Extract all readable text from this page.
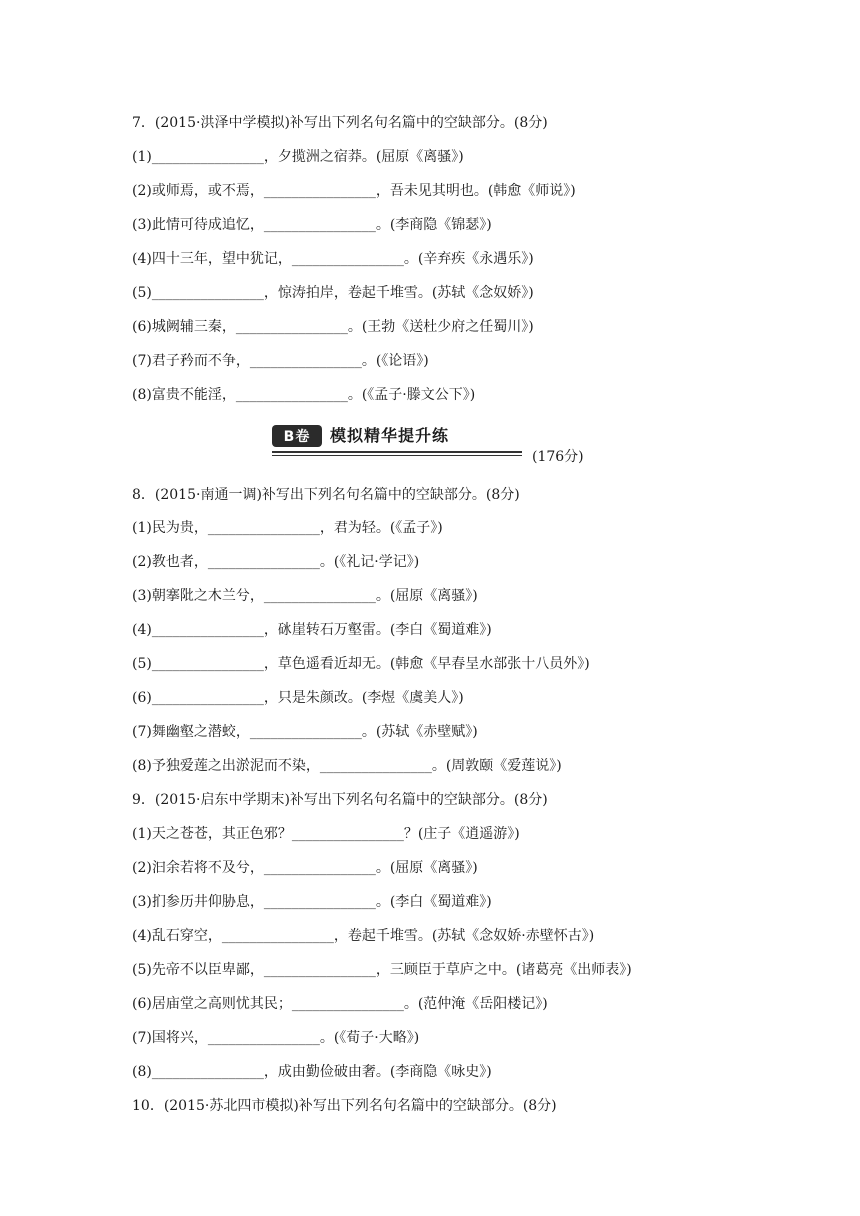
7．(2015·洪泽中学模拟)补写出下列名句名篇中的空缺部分。(8分)
(1)________________，夕揽洲之宿莽。(屈原《离骚》)
(2)或师焉，或不焉，________________，吾未见其明也。(韩愈《师说》)
(3)此情可待成追忆，________________。(李商隐《锦瑟》)
(4)四十三年，望中犹记，________________。(辛弃疾《永遇乐》)
(5)________________，惊涛拍岸，卷起千堆雪。(苏轼《念奴娇》)
(6)城阙辅三秦，________________。(王勃《送杜少府之任蜀川》)
(7)君子矜而不争，________________。(《论语》)
(8)富贵不能淫，________________。(《孟子·滕文公下》)
B卷	模拟精华提升练
(176分)
8．(2015·南通一调)补写出下列名句名篇中的空缺部分。(8分)
(1)民为贵，________________，君为轻。(《孟子》)
(2)教也者，________________。(《礼记·学记》)
(3)朝搴阰之木兰兮，________________。(屈原《离骚》)
(4)________________，砯崖转石万壑雷。(李白《蜀道难》)
(5)________________，草色遥看近却无。(韩愈《早春呈水部张十八员外》)
(6)________________，只是朱颜改。(李煜《虞美人》)
(7)舞幽壑之潜蛟，________________。(苏轼《赤壁赋》)
(8)予独爱莲之出淤泥而不染，________________。(周敦颐《爱莲说》)
9．(2015·启东中学期末)补写出下列名句名篇中的空缺部分。(8分)
(1)天之苍苍，其正色邪？________________？(庄子《逍遥游》)
(2)汩余若将不及兮，________________。(屈原《离骚》)
(3)扪参历井仰胁息，________________。(李白《蜀道难》)
(4)乱石穿空，________________，卷起千堆雪。(苏轼《念奴娇·赤壁怀古》)
(5)先帝不以臣卑鄙，________________，三顾臣于草庐之中。(诸葛亮《出师表》)
(6)居庙堂之高则忧其民；________________。(范仲淹《岳阳楼记》)
(7)国将兴，________________。(《荀子·大略》)
(8)________________，成由勤俭破由奢。(李商隐《咏史》)
10．(2015·苏北四市模拟)补写出下列名句名篇中的空缺部分。(8分)
